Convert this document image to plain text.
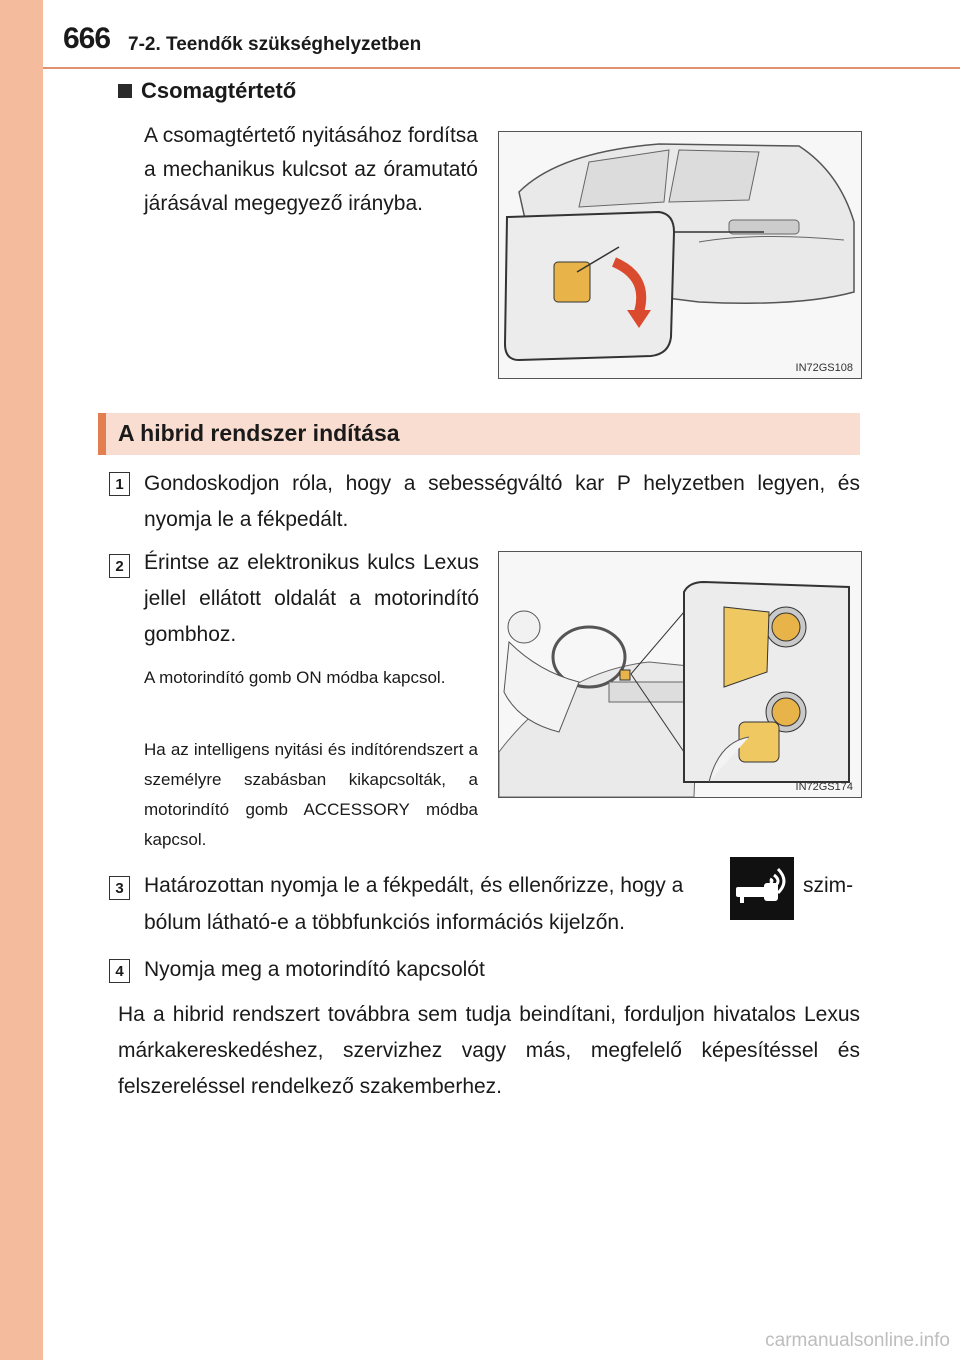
666 7-2. Teendők szükséghelyzetben
Csomagtértető
A csomagtértető nyitásához fordítsa a mechanikus kulcsot az óramutató járásával megegyező irányba.
IN72GS108
A hibrid rendszer indítása
1 Gondoskodjon róla, hogy a sebességváltó kar P helyzetben legyen, és nyomja le a fékpedált.
2 Érintse az elektronikus kulcs Lexus jellel ellátott oldalát a motorindító gombhoz.
A motorindító gomb ON módba kapcsol.
Ha az intelligens nyitási és indítórendszert a személyre szabásban kikapcsolták, a motorindító gomb ACCESSORY módba kapcsol.
IN72GS174
3 Határozottan nyomja le a fékpedált, és ellenőrizze, hogy a	szim-
bólum látható-e a többfunkciós információs kijelzőn.
4 Nyomja meg a motorindító kapcsolót
Ha a hibrid rendszert továbbra sem tudja beindítani, forduljon hivatalos Lexus márkakereskedéshez, szervizhez vagy más, megfelelő képesítéssel és felszereléssel rendelkező szakemberhez.
carmanualsonline.info
